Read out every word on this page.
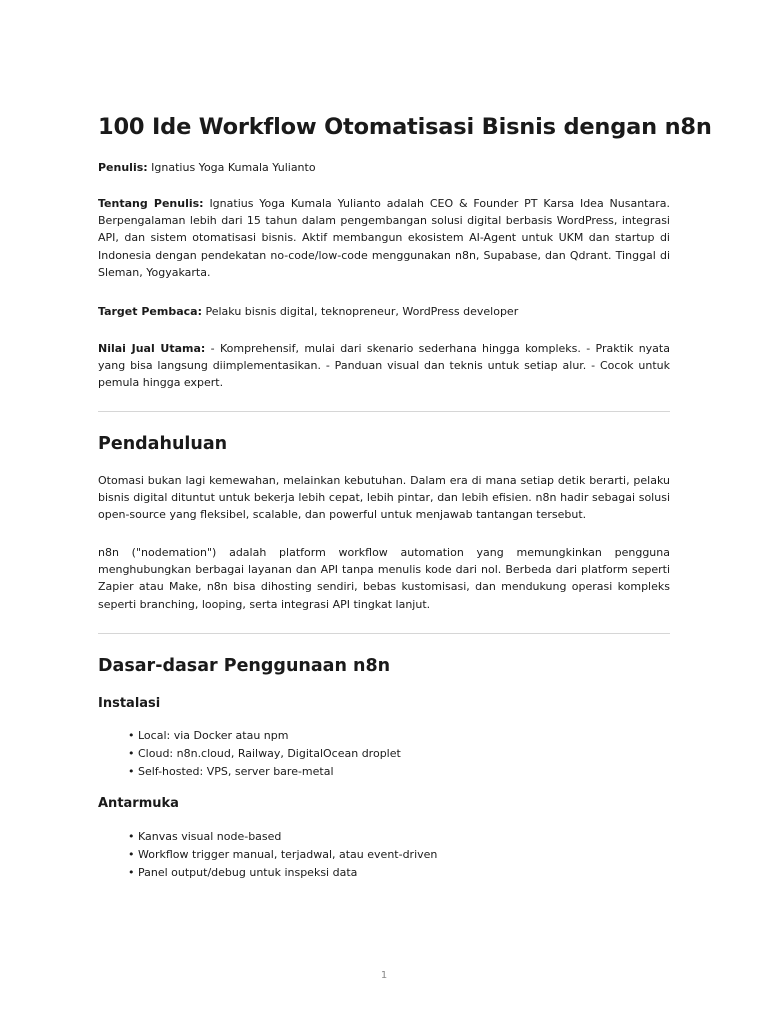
100 Ide Workflow Otomatisasi Bisnis dengan n8n

Penulis: Ignatius Yoga Kumala Yulianto

Tentang Penulis: Ignatius Yoga Kumala Yulianto adalah CEO & Founder PT Karsa Idea Nusantara. Berpengalaman lebih dari 15 tahun dalam pengembangan solusi digital berbasis WordPress, integrasi API, dan sistem otomatisasi bisnis. Aktif membangun ekosistem AI-Agent untuk UKM dan startup di Indonesia dengan pendekatan no-code/low-code menggunakan n8n, Supabase, dan Qdrant. Tinggal di Sleman, Yogyakarta.

Target Pembaca: Pelaku bisnis digital, teknopreneur, WordPress developer

Nilai Jual Utama: - Komprehensif, mulai dari skenario sederhana hingga kompleks. - Praktik nyata yang bisa langsung diimplementasikan. - Panduan visual dan teknis untuk setiap alur. - Cocok untuk pemula hingga expert.

Pendahuluan

Otomasi bukan lagi kemewahan, melainkan kebutuhan. Dalam era di mana setiap detik berarti, pelaku bisnis digital dituntut untuk bekerja lebih cepat, lebih pintar, dan lebih efisien. n8n hadir sebagai solusi open-source yang fleksibel, scalable, dan powerful untuk menjawab tantangan tersebut.

n8n ("nodemation") adalah platform workflow automation yang memungkinkan pengguna menghubungkan berbagai layanan dan API tanpa menulis kode dari nol. Berbeda dari platform seperti Zapier atau Make, n8n bisa dihosting sendiri, bebas kustomisasi, dan mendukung operasi kompleks seperti branching, looping, serta integrasi API tingkat lanjut.

Dasar-dasar Penggunaan n8n
Instalasi
• Local: via Docker atau npm
• Cloud: n8n.cloud, Railway, DigitalOcean droplet
• Self-hosted: VPS, server bare-metal
Antarmuka
• Kanvas visual node-based
• Workflow trigger manual, terjadwal, atau event-driven
• Panel output/debug untuk inspeksi data
1
